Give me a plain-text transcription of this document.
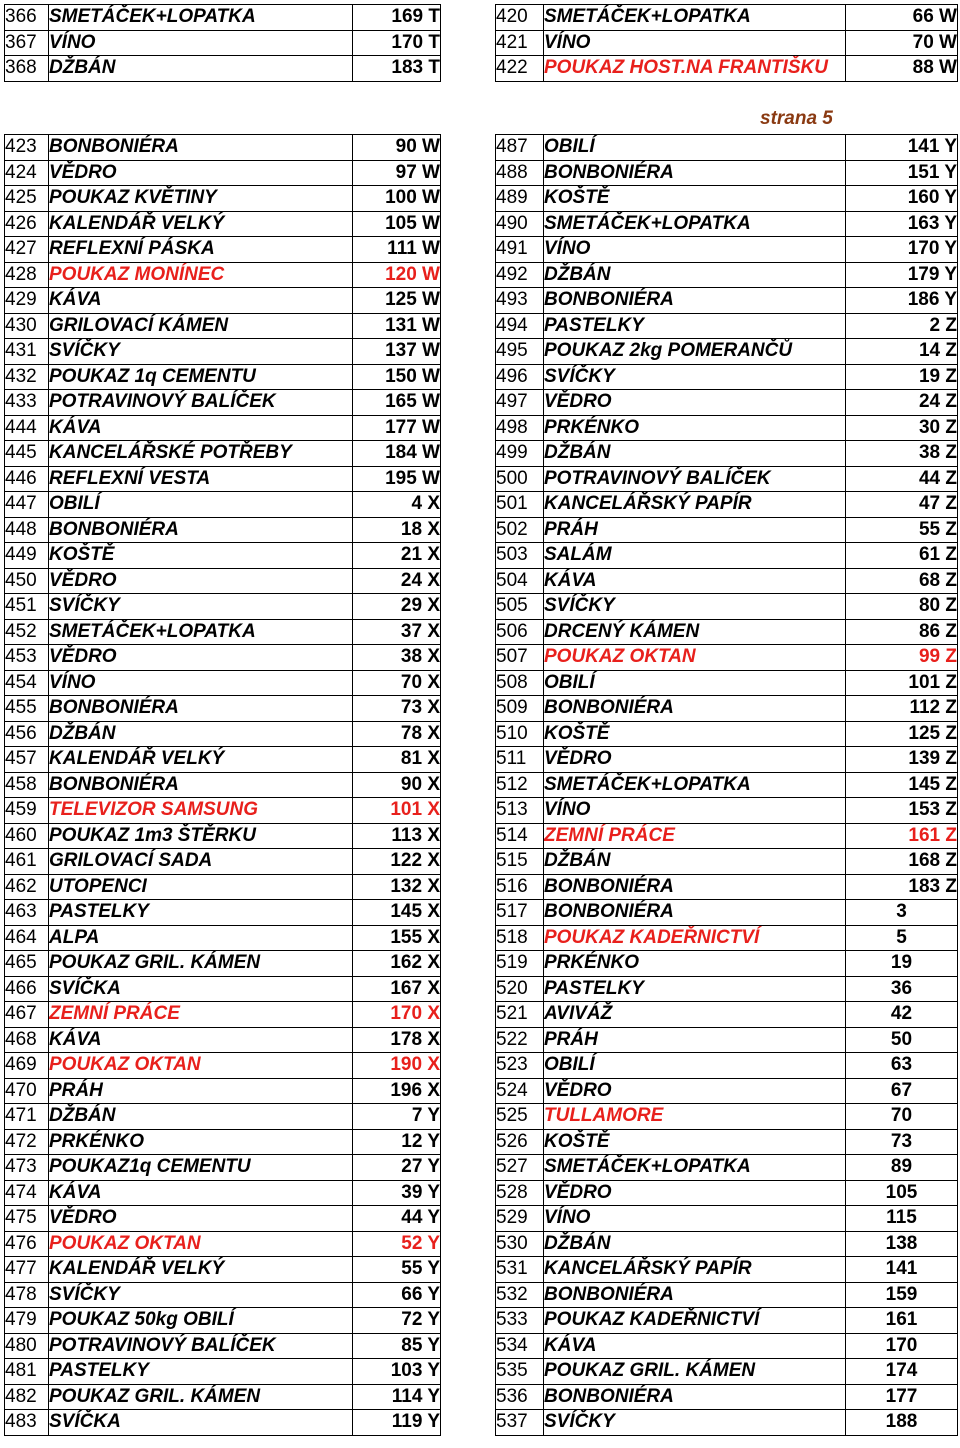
366	SMETÁČEK+LOPATKA	169 T
367	VÍNO	170 T
368	DŽBÁN	183 T
420	SMETÁČEK+LOPATKA	66 W
421	VÍNO	70 W
422	POUKAZ HOST.NA FRANTIŠKU	88 W
strana 5
423	BONBONIÉRA	90 W
424	VĚDRO	97 W
425	POUKAZ KVĚTINY	100 W
426	KALENDÁŘ VELKÝ	105 W
427	REFLEXNÍ PÁSKA	111 W
428	POUKAZ MONÍNEC	120 W
429	KÁVA	125 W
430	GRILOVACÍ KÁMEN	131 W
431	SVÍČKY	137 W
432	POUKAZ 1q CEMENTU	150 W
433	POTRAVINOVÝ BALÍČEK	165 W
444	KÁVA	177 W
445	KANCELÁŘSKÉ POTŘEBY	184 W
446	REFLEXNÍ VESTA	195 W
447	OBILÍ	4 X
448	BONBONIÉRA	18 X
449	KOŠTĚ	21 X
450	VĚDRO	24 X
451	SVÍČKY	29 X
452	SMETÁČEK+LOPATKA	37 X
453	VĚDRO	38 X
454	VÍNO	70 X
455	BONBONIÉRA	73 X
456	DŽBÁN	78 X
457	KALENDÁŘ VELKÝ	81 X
458	BONBONIÉRA	90 X
459	TELEVIZOR SAMSUNG	101 X
460	POUKAZ 1m3 ŠTĚRKU	113 X
461	GRILOVACÍ SADA	122 X
462	UTOPENCI	132 X
463	PASTELKY	145 X
464	ALPA	155 X
465	POUKAZ GRIL. KÁMEN	162 X
466	SVÍČKA	167 X
467	ZEMNÍ PRÁCE	170 X
468	KÁVA	178 X
469	POUKAZ OKTAN	190 X
470	PRÁH	196 X
471	DŽBÁN	7 Y
472	PRKÉNKO	12 Y
473	POUKAZ1q CEMENTU	27 Y
474	KÁVA	39 Y
475	VĚDRO	44 Y
476	POUKAZ OKTAN	52 Y
477	KALENDÁŘ VELKÝ	55 Y
478	SVÍČKY	66 Y
479	POUKAZ 50kg OBILÍ	72 Y
480	POTRAVINOVÝ BALÍČEK	85 Y
481	PASTELKY	103 Y
482	POUKAZ GRIL. KÁMEN	114 Y
483	SVÍČKA	119 Y
487	OBILÍ	141 Y
488	BONBONIÉRA	151 Y
489	KOŠTĚ	160 Y
490	SMETÁČEK+LOPATKA	163 Y
491	VÍNO	170 Y
492	DŽBÁN	179 Y
493	BONBONIÉRA	186 Y
494	PASTELKY	2 Z
495	POUKAZ 2kg POMERANČŮ	14 Z
496	SVÍČKY	19 Z
497	VĚDRO	24 Z
498	PRKÉNKO	30 Z
499	DŽBÁN	38 Z
500	POTRAVINOVÝ BALÍČEK	44 Z
501	KANCELÁŘSKÝ PAPÍR	47 Z
502	PRÁH	55 Z
503	SALÁM	61 Z
504	KÁVA	68 Z
505	SVÍČKY	80 Z
506	DRCENÝ KÁMEN	86 Z
507	POUKAZ OKTAN	99 Z
508	OBILÍ	101 Z
509	BONBONIÉRA	112 Z
510	KOŠTĚ	125 Z
511	VĚDRO	139 Z
512	SMETÁČEK+LOPATKA	145 Z
513	VÍNO	153 Z
514	ZEMNÍ PRÁCE	161 Z
515	DŽBÁN	168 Z
516	BONBONIÉRA	183 Z
517	BONBONIÉRA	3
518	POUKAZ KADEŘNICTVÍ	5
519	PRKÉNKO	19
520	PASTELKY	36
521	AVIVÁŽ	42
522	PRÁH	50
523	OBILÍ	63
524	VĚDRO	67
525	TULLAMORE	70
526	KOŠTĚ	73
527	SMETÁČEK+LOPATKA	89
528	VĚDRO	105
529	VÍNO	115
530	DŽBÁN	138
531	KANCELÁŘSKÝ PAPÍR	141
532	BONBONIÉRA	159
533	POUKAZ KADEŘNICTVÍ	161
534	KÁVA	170
535	POUKAZ GRIL. KÁMEN	174
536	BONBONIÉRA	177
537	SVÍČKY	188
